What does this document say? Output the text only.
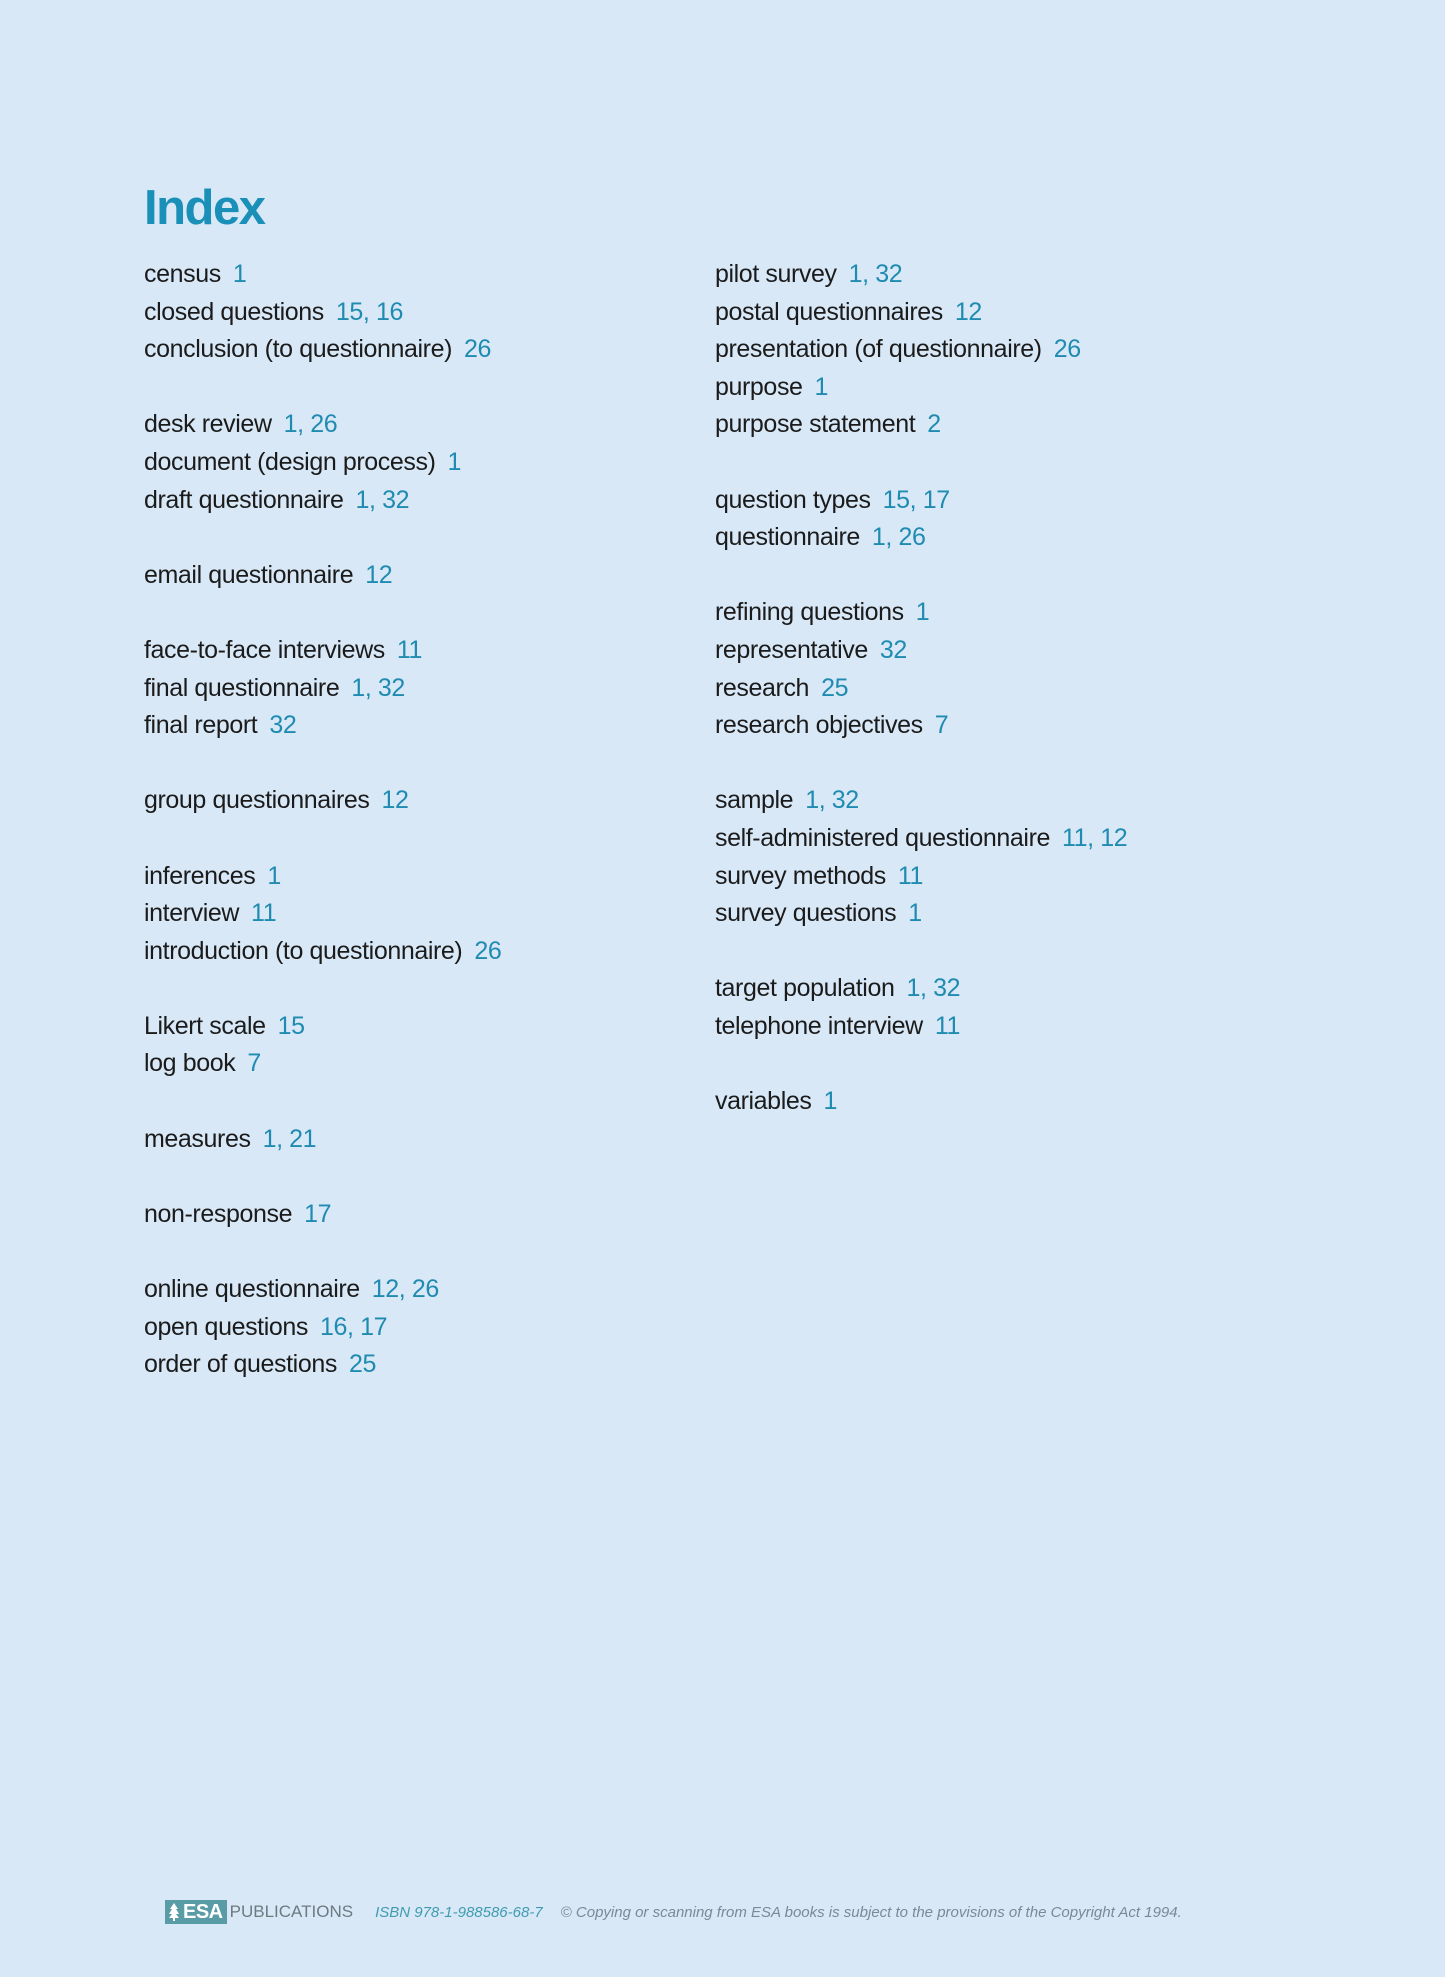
Index
census 1
closed questions 15, 16
conclusion (to questionnaire) 26
desk review 1, 26
document (design process) 1
draft questionnaire 1, 32
email questionnaire 12
face-to-face interviews 11
final questionnaire 1, 32
final report 32
group questionnaires 12
inferences 1
interview 11
introduction (to questionnaire) 26
Likert scale 15
log book 7
measures 1, 21
non-response 17
online questionnaire 12, 26
open questions 16, 17
order of questions 25
pilot survey 1, 32
postal questionnaires 12
presentation (of questionnaire) 26
purpose 1
purpose statement 2
question types 15, 17
questionnaire 1, 26
refining questions 1
representative 32
research 25
research objectives 7
sample 1, 32
self-administered questionnaire 11, 12
survey methods 11
survey questions 1
target population 1, 32
telephone interview 11
variables 1
ESA PUBLICATIONS ISBN 978-1-988586-68-7 © Copying or scanning from ESA books is subject to the provisions of the Copyright Act 1994.
